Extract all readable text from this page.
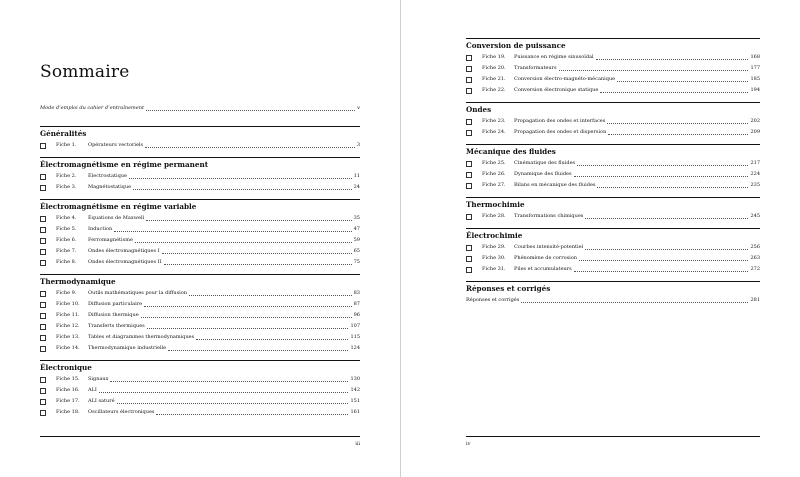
Sommaire
Mode d’emploi du cahier d’entraînement	v
Généralités
Fiche 1.	Opérateurs vectoriels	3
Électromagnétisme en régime permanent
Fiche 2.	Électrostatique	11
Fiche 3.	Magnétostatique	24
Électromagnétisme en régime variable
Fiche 4.	Équations de Maxwell	35
Fiche 5.	Induction	47
Fiche 6.	Ferromagnétisme	59
Fiche 7.	Ondes électromagnétiques I	65
Fiche 8.	Ondes électromagnétiques II	75
Thermodynamique
Fiche 9.	Outils mathématiques pour la diffusion	83
Fiche 10.	Diffusion particulaire	87
Fiche 11.	Diffusion thermique	96
Fiche 12.	Transferts thermiques	107
Fiche 13.	Tables et diagrammes thermodynamiques	115
Fiche 14.	Thermodynamique industrielle	124
Électronique
Fiche 15.	Signaux	130
Fiche 16.	ALI	142
Fiche 17.	ALI saturé	151
Fiche 18.	Oscillateurs électroniques	161
iii
Conversion de puissance
Fiche 19.	Puissance en régime sinusoïdal	168
Fiche 20.	Transformateurs	177
Fiche 21.	Conversion électro-magnéto-mécanique	185
Fiche 22.	Conversion électronique statique	194
Ondes
Fiche 23.	Propagation des ondes et interfaces	202
Fiche 24.	Propagation des ondes et dispersion	209
Mécanique des fluides
Fiche 25.	Cinématique des fluides	217
Fiche 26.	Dynamique des fluides	224
Fiche 27.	Bilans en mécanique des fluides	235
Thermochimie
Fiche 28.	Transformations chimiques	245
Électrochimie
Fiche 29.	Courbes intensité-potentiel	256
Fiche 30.	Phénomène de corrosion	263
Fiche 31.	Piles et accumulateurs	272
Réponses et corrigés
Réponses et corrigés	281
iv
